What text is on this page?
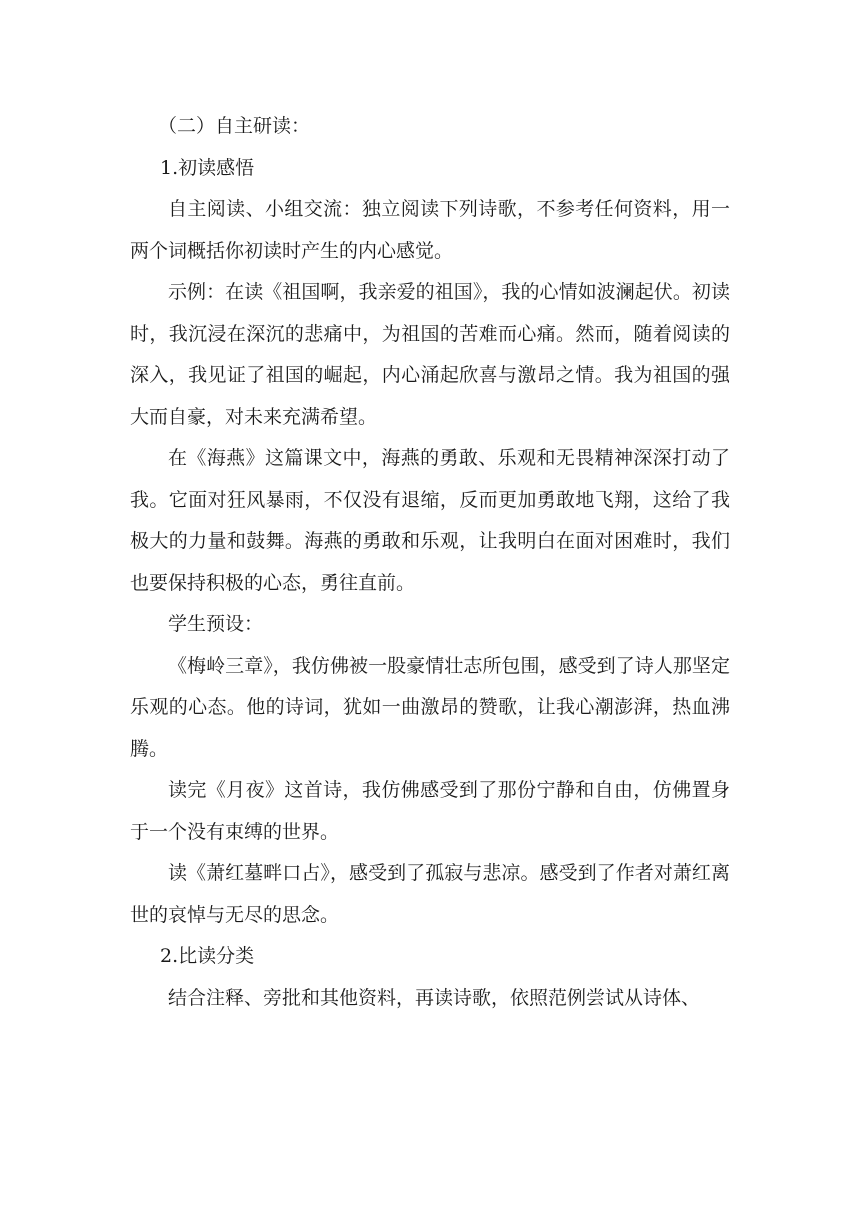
（二）自主研读：

1.初读感悟

自主阅读、小组交流：独立阅读下列诗歌，不参考任何资料，用一两个词概括你初读时产生的内心感觉。

示例：在读《祖国啊，我亲爱的祖国》，我的心情如波澜起伏。初读时，我沉浸在深沉的悲痛中，为祖国的苦难而心痛。然而，随着阅读的深入，我见证了祖国的崛起，内心涌起欣喜与激昂之情。我为祖国的强大而自豪，对未来充满希望。

在《海燕》这篇课文中，海燕的勇敢、乐观和无畏精神深深打动了我。它面对狂风暴雨，不仅没有退缩，反而更加勇敢地飞翔，这给了我极大的力量和鼓舞。海燕的勇敢和乐观，让我明白在面对困难时，我们也要保持积极的心态，勇往直前。

学生预设：

《梅岭三章》，我仿佛被一股豪情壮志所包围，感受到了诗人那坚定乐观的心态。他的诗词，犹如一曲激昂的赞歌，让我心潮澎湃，热血沸腾。

读完《月夜》这首诗，我仿佛感受到了那份宁静和自由，仿佛置身于一个没有束缚的世界。

读《萧红墓畔口占》，感受到了孤寂与悲凉。感受到了作者对萧红离世的哀悼与无尽的思念。

2.比读分类

结合注释、旁批和其他资料，再读诗歌，依照范例尝试从诗体、
